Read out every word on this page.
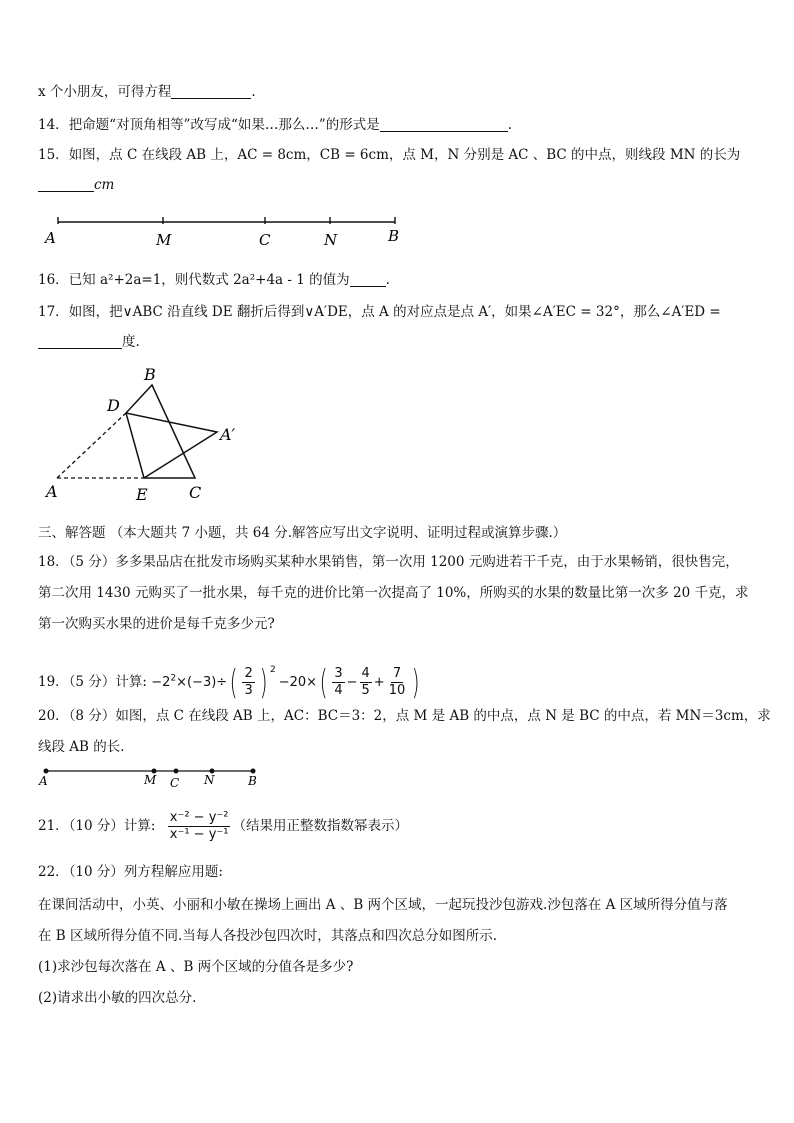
x 个小朋友，可得方程	.
14．把命题“对顶角相等”改写成“如果…那么…”的形式是	.
15．如图，点 C 在线段 AB 上，AC = 8cm，CB = 6cm，点 M，N 分别是 AC 、BC 的中点，则线段 MN 的长为
cm
A	M	C	N	B
16．已知 a²+2a=1，则代数式 2a²+4a - 1 的值为	.
17．如图，把∨ABC 沿直线 DE 翻折后得到∨A′DE，点 A 的对应点是点 A′，如果∠A′EC = 32°，那么∠A′ED =
度.
B
D
A′
A	E	C
三、解答题 （本大题共 7 小题，共 64 分.解答应写出文字说明、证明过程或演算步骤.）
18．（5 分）多多果品店在批发市场购买某种水果销售，第一次用 1200 元购进若干千克，由于水果畅销，很快售完，
第二次用 1430 元购买了一批水果，每千克的进价比第一次提高了 10%，所购买的水果的数量比第一次多 20 千克，求
第一次购买水果的进价是每千克多少元?
19．（5 分）计算: $-2^2\times(-3)\div( \frac{2}{3}$ ) $^2-20\times( \frac{3}{4} - \frac{4}{5} + \frac{7}{10}$ )
20．（8 分）如图，点 C 在线段 AB 上，AC：BC＝3：2，点 M 是 AB 的中点，点 N 是 BC 的中点，若 MN＝3cm，求
线段 AB 的长.
A	M C N	B
21．（10 分）计算: $\frac{\text{x⁻² − y⁻²}}{\text{x⁻¹ − y⁻¹}}$ （结果用正整数指数幂表示）
22．（10 分）列方程解应用题:
在课间活动中，小英、小丽和小敏在操场上画出 A 、B 两个区域，一起玩投沙包游戏.沙包落在 A 区域所得分值与落
在 B 区域所得分值不同.当每人各投沙包四次时，其落点和四次总分如图所示.
(1)求沙包每次落在 A 、B 两个区域的分值各是多少?
(2)请求出小敏的四次总分.
